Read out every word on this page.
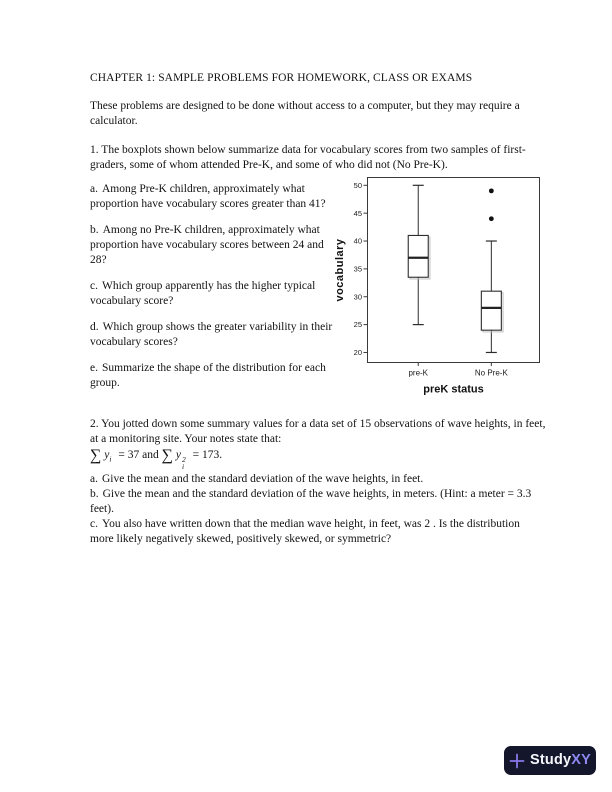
CHAPTER 1: SAMPLE PROBLEMS FOR HOMEWORK, CLASS OR EXAMS

These problems are designed to be done without access to a computer, but they may require a calculator.

1. The boxplots shown below summarize data for vocabulary scores from two samples of first-graders, some of whom attended Pre-K, and some of who did not (No Pre-K).

a. Among Pre-K children, approximately what proportion have vocabulary scores greater than 41?

b. Among no Pre-K children, approximately what proportion have vocabulary scores between 24 and 28?

c. Which group apparently has the higher typical vocabulary score?

d. Which group shows the greater variability in their vocabulary scores?

e. Summarize the shape of the distribution for each group.

2. You jotted down some summary values for a data set of 15 observations of wave heights, in feet, at a monitoring site. Your notes state that:

∑ $y_i = 37$ and ∑ y 2
i
= 173.

a. Give the mean and the standard deviation of the wave heights, in feet.

b. Give the mean and the standard deviation of the wave heights, in meters. (Hint: a meter = 3.3 feet).

c. You also have written down that the median wave height, in feet, was 2 . Is the distribution more likely negatively skewed, positively skewed, or symmetric?

20
25
30
35
40
45
50
pre-K	No Pre-K
preK status
vocabulary
StudyXY
